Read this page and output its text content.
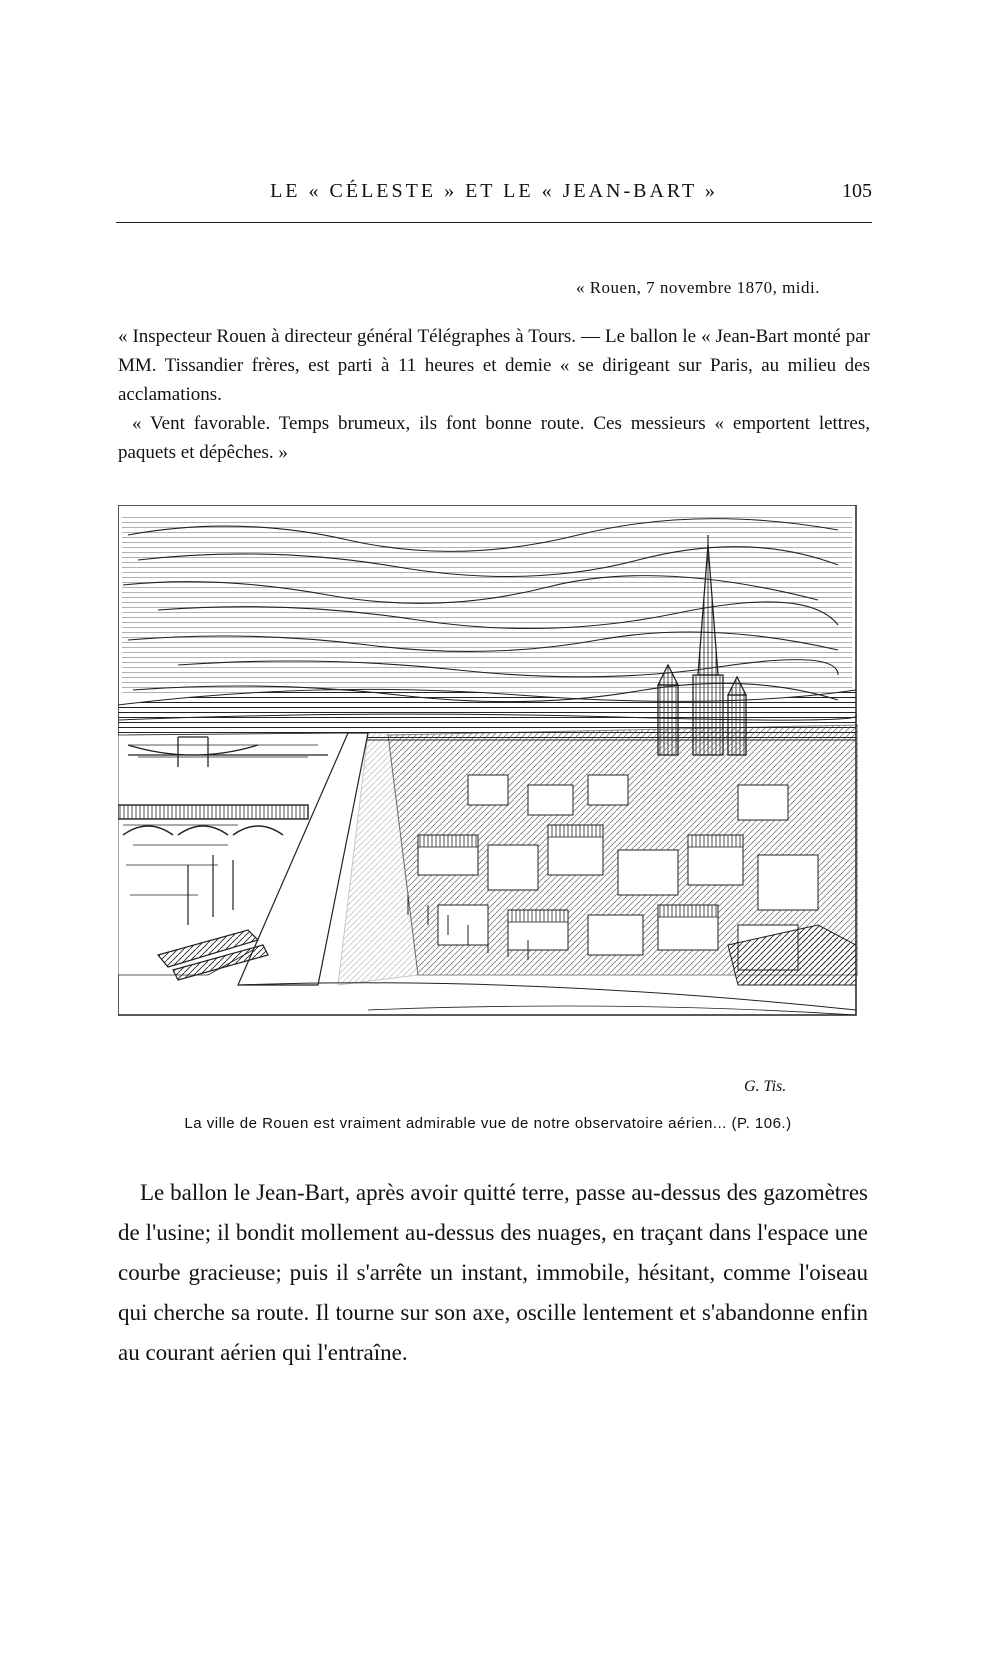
LE « CÉLESTE » ET LE « JEAN-BART »	105
« Rouen, 7 novembre 1870, midi.

« Inspecteur Rouen à directeur général Télégraphes à Tours. — Le ballon le « Jean-Bart monté par MM. Tissandier frères, est parti à 11 heures et demie « se dirigeant sur Paris, au milieu des acclamations.

« Vent favorable. Temps brumeux, ils font bonne route. Ces messieurs « emportent lettres, paquets et dépêches. »

G. Tis.
La ville de Rouen est vraiment admirable vue de notre observatoire aérien... (P. 106.)

Le ballon le Jean-Bart, après avoir quitté terre, passe au-dessus des gazomètres de l'usine; il bondit mollement au-dessus des nuages, en traçant dans l'espace une courbe gracieuse; puis il s'arrête un instant, immobile, hésitant, comme l'oiseau qui cherche sa route. Il tourne sur son axe, oscille lentement et s'abandonne enfin au courant aérien qui l'entraîne.
